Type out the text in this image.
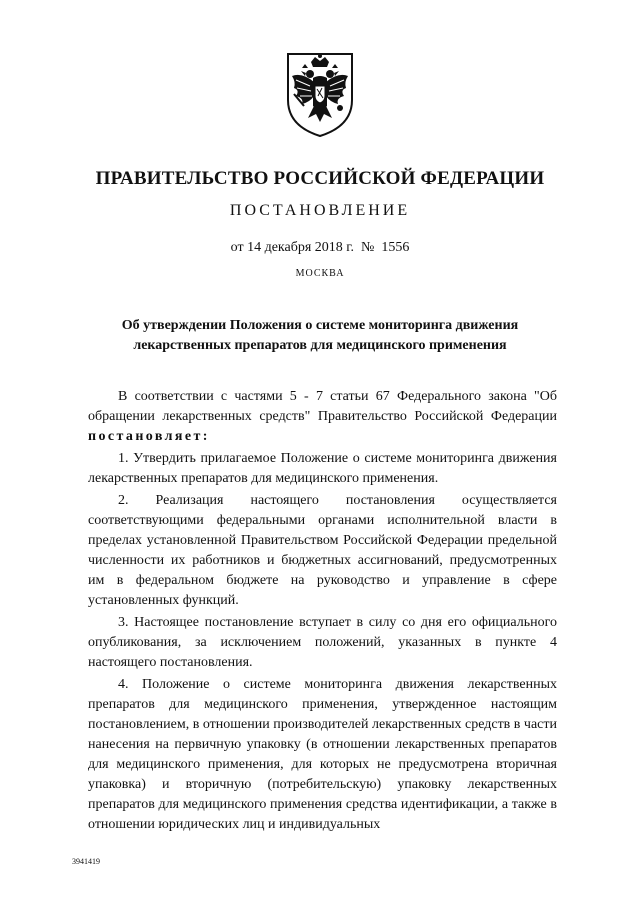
ПРАВИТЕЛЬСТВО РОССИЙСКОЙ ФЕДЕРАЦИИ
ПОСТАНОВЛЕНИЕ
от 14 декабря 2018 г.  №  1556
МОСКВА
Об утверждении Положения о системе мониторинга движения лекарственных препаратов для медицинского применения

В соответствии с частями 5 - 7 статьи 67 Федерального закона "Об обращении лекарственных средств" Правительство Российской Федерации постановляет:

1. Утвердить прилагаемое Положение о системе мониторинга движения лекарственных препаратов для медицинского применения.

2. Реализация настоящего постановления осуществляется соответствующими федеральными органами исполнительной власти в пределах установленной Правительством Российской Федерации предельной численности их работников и бюджетных ассигнований, предусмотренных им в федеральном бюджете на руководство и управление в сфере установленных функций.

3. Настоящее постановление вступает в силу со дня его официального опубликования, за исключением положений, указанных в пункте 4 настоящего постановления.

4. Положение о системе мониторинга движения лекарственных препаратов для медицинского применения, утвержденное настоящим постановлением, в отношении производителей лекарственных средств в части нанесения на первичную упаковку (в отношении лекарственных препаратов для медицинского применения, для которых не предусмотрена вторичная упаковка) и вторичную (потребительскую) упаковку лекарственных препаратов для медицинского применения средства идентификации, а также в отношении юридических лиц и индивидуальных

3941419
